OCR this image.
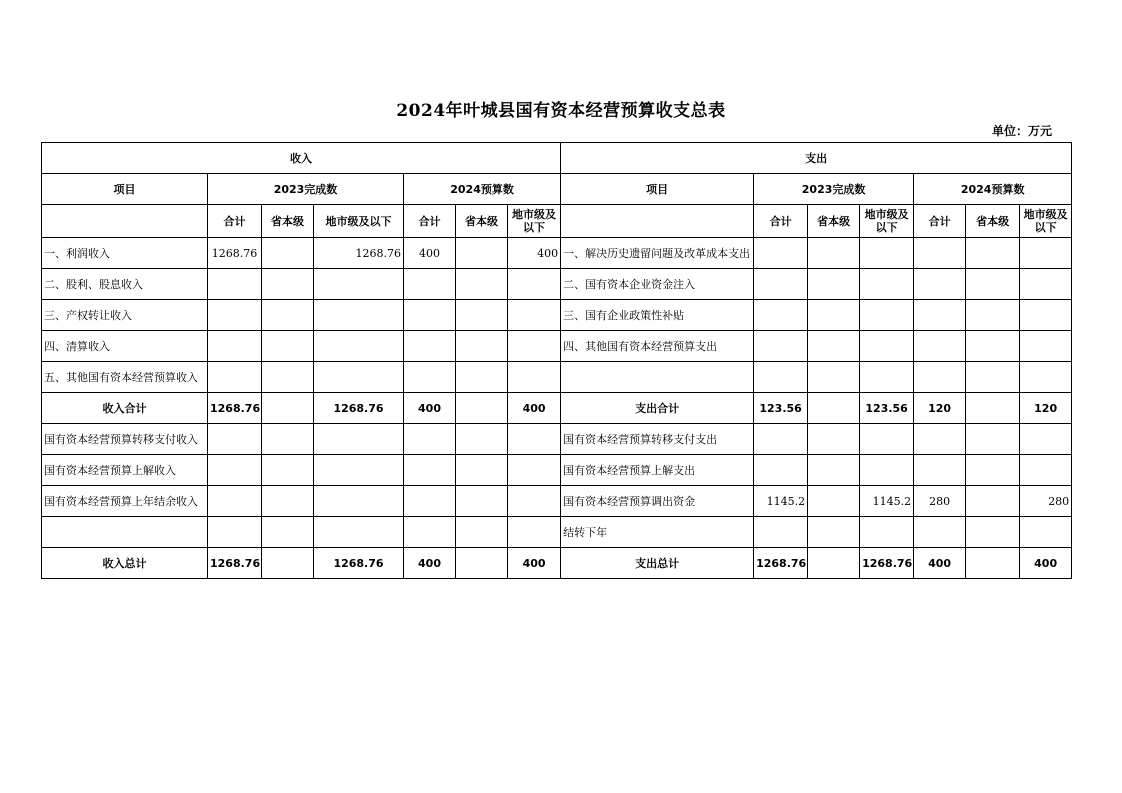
2024年叶城县国有资本经营预算收支总表
单位：万元
收入							支出						
项目	2023完成数			2024预算数			项目	2023完成数			2024预算数		
	合计	省本级	地市级及以下	合计	省本级	地市级及以下		合计	省本级	地市级及以下	合计	省本级	地市级及以下
一、利润收入	1268.76		1268.76	400		400	一、解决历史遗留问题及改革成本支出						
二、股利、股息收入							二、国有资本企业资金注入						
三、产权转让收入							三、国有企业政策性补贴						
四、清算收入							四、其他国有资本经营预算支出						
五、其他国有资本经营预算收入													
收入合计	1268.76		1268.76	400		400	支出合计	123.56		123.56	120		120
国有资本经营预算转移支付收入							国有资本经营预算转移支付支出						
国有资本经营预算上解收入							国有资本经营预算上解支出						
国有资本经营预算上年结余收入							国有资本经营预算调出资金	1145.2		1145.2	280		280
							结转下年						
收入总计	1268.76		1268.76	400		400	支出总计	1268.76		1268.76	400		400
